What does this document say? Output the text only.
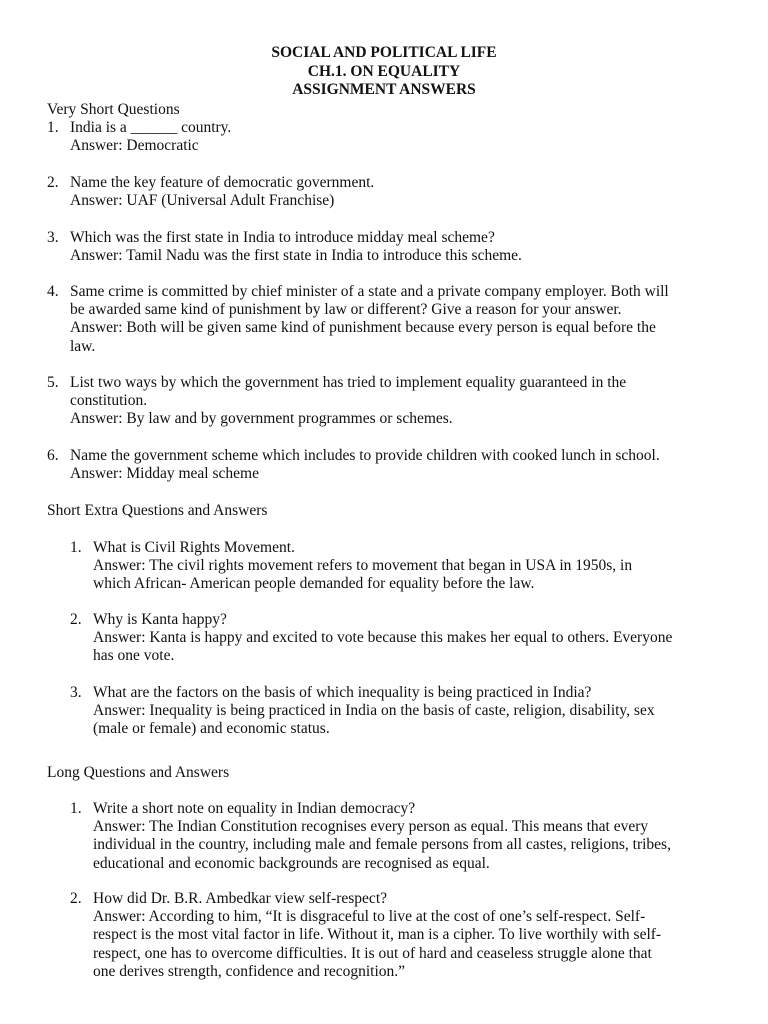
SOCIAL AND POLITICAL LIFE
CH.1. ON EQUALITY
ASSIGNMENT ANSWERS
Very Short Questions
1. India is a ______ country.
Answer: Democratic
2. Name the key feature of democratic government.
Answer: UAF (Universal Adult Franchise)
3. Which was the first state in India to introduce midday meal scheme?
Answer: Tamil Nadu was the first state in India to introduce this scheme.
4. Same crime is committed by chief minister of a state and a private company employer. Both will
be awarded same kind of punishment by law or different? Give a reason for your answer.
Answer: Both will be given same kind of punishment because every person is equal before the
law.
5. List two ways by which the government has tried to implement equality guaranteed in the
constitution.
Answer: By law and by government programmes or schemes.
6. Name the government scheme which includes to provide children with cooked lunch in school.
Answer: Midday meal scheme
Short Extra Questions and Answers
1. What is Civil Rights Movement.
Answer: The civil rights movement refers to movement that began in USA in 1950s, in
which African- American people demanded for equality before the law.
2. Why is Kanta happy?
Answer: Kanta is happy and excited to vote because this makes her equal to others. Everyone
has one vote.
3. What are the factors on the basis of which inequality is being practiced in India?
Answer: Inequality is being practiced in India on the basis of caste, religion, disability, sex
(male or female) and economic status.
Long Questions and Answers
1. Write a short note on equality in Indian democracy?
Answer: The Indian Constitution recognises every person as equal. This means that every
individual in the country, including male and female persons from all castes, religions, tribes,
educational and economic backgrounds are recognised as equal.
2. How did Dr. B.R. Ambedkar view self-respect?
Answer: According to him, “It is disgraceful to live at the cost of one’s self-respect. Self-
respect is the most vital factor in life. Without it, man is a cipher. To live worthily with self-
respect, one has to overcome difficulties. It is out of hard and ceaseless struggle alone that
one derives strength, confidence and recognition.”
